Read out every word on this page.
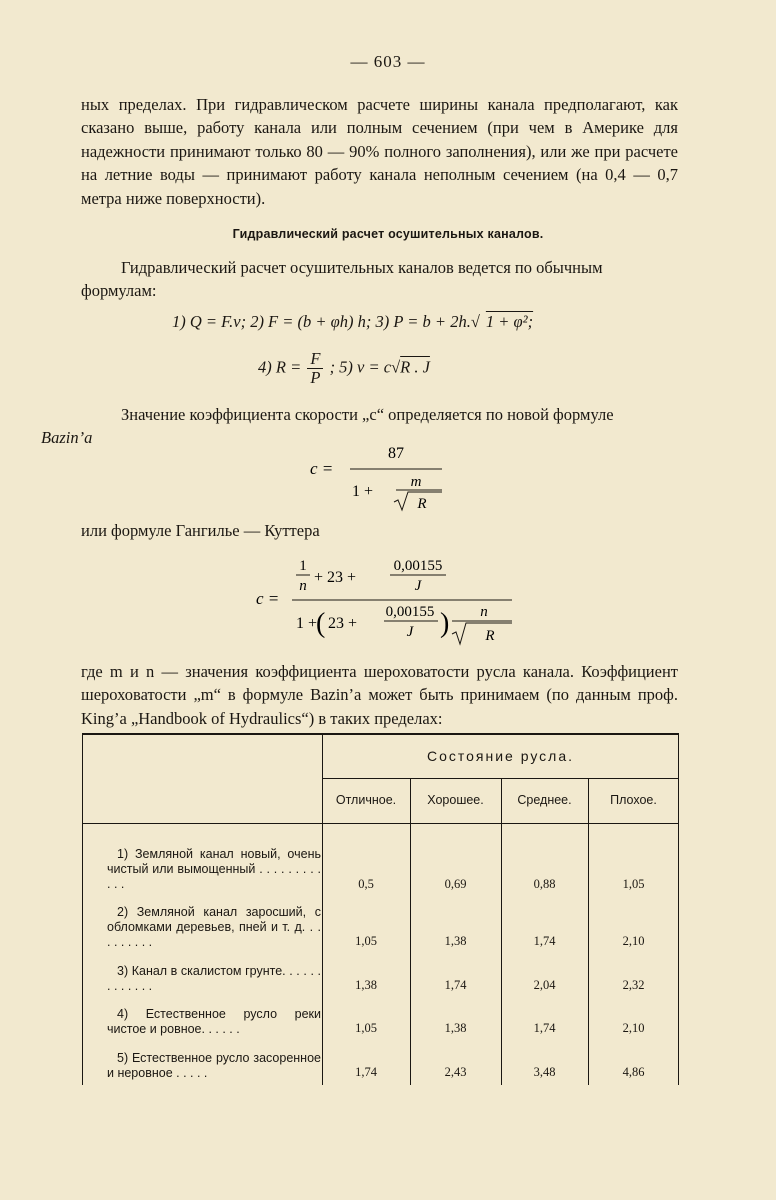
— 603 —

ных пределах. При гидравлическом расчете ширины канала предполагают, как сказано выше, работу канала или полным сечением (при чем в Америке для надежности принимают только 80 — 90% полного заполнения), или же при расчете на летние воды — принимают работу канала неполным сечением (на 0,4 — 0,7 метра ниже поверхности).

Гидравлический расчет осушительных каналов.

Гидравлический расчет осушительных каналов ведется по обычным формулам:

1) Q = F.v; 2) F = (b + φh) h; 3) P = b + 2h.√ 1 + φ²;
4) $R = \frac{F}{P}$ ; 5) v = c√R . J

Значение коэффициента скорости „c“ определяется по новой формуле
Bazin’a

c =
87
1 +
m
R

или формуле Гангилье — Куттера

c =
1
n + 23 +
0,00155
J
1 +
( 23 +
0,00155
J ) n
R

где m и n — значения коэффициента шероховатости русла канала. Коэффициент шероховатости „m“ в формуле Bazin’a может быть принимаем (по данным проф. King’a „Handbook of Hydraulics“) в таких пределах:

Состояние русла.
Отличное.	Хорошее.	Среднее.	Плохое.
1) Земляной канал новый, очень чистый или вымощенный . . . . . . . . . . . .	0,5	0,69	0,88	1,05
2) Земляной канал заросший, с обломками деревьев, пней и т. д. . . . . . . . . .	1,05	1,38	1,74	2,10
3) Канал в скалистом грунте. . . . . . . . . . . . .	1,38	1,74	2,04	2,32
4) Естественное русло реки чистое и ровное. . . . . .	1,05	1,38	1,74	2,10
5) Естественное русло засоренное и неровное . . . . .	1,74	2,43	3,48	4,86
